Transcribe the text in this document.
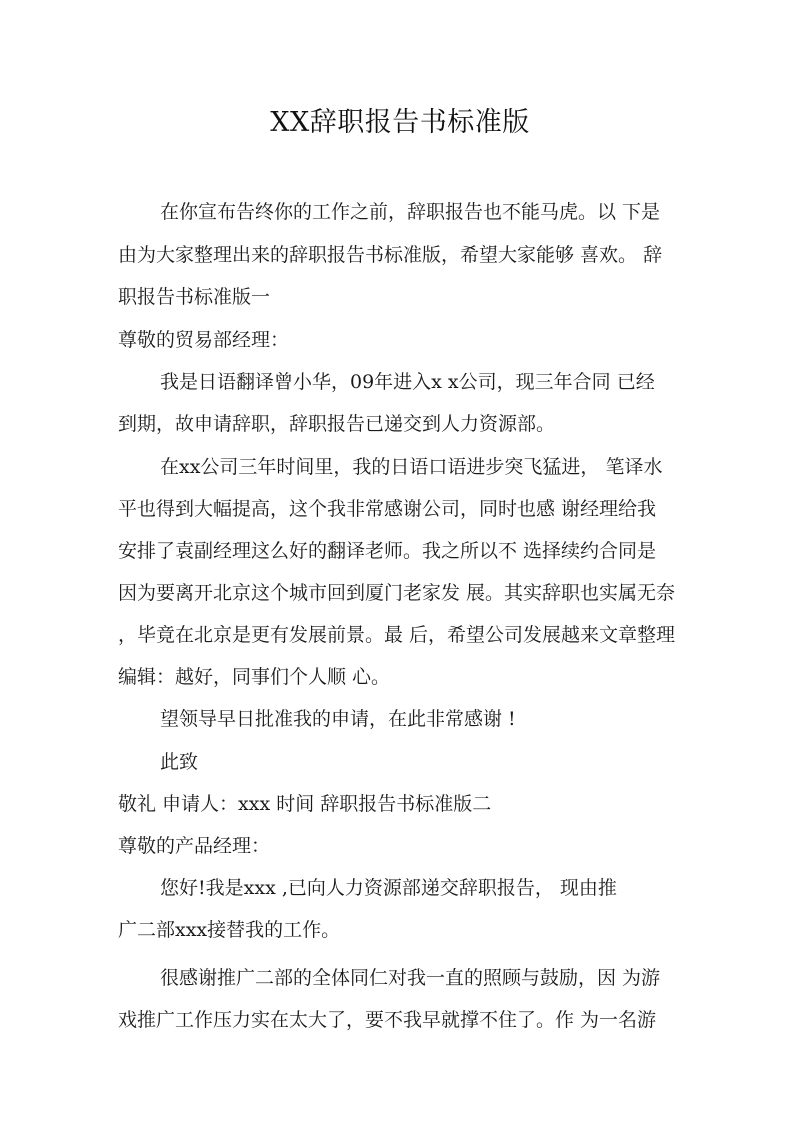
XX辞职报告书标准版
在你宣布告终你的工作之前，辞职报告也不能马虎。以 下是
由为大家整理出来的辞职报告书标准版，希望大家能够 喜欢。 辞
职报告书标准版一
尊敬的贸易部经理：
我是日语翻译曾小华，09年进入x x公司，现三年合同 已经
到期，故申请辞职，辞职报告已递交到人力资源部。
在xx公司三年时间里，我的日语口语进步突飞猛进， 笔译水
平也得到大幅提高，这个我非常感谢公司，同时也感 谢经理给我
安排了袁副经理这么好的翻译老师。我之所以不 选择续约合同是
因为要离开北京这个城市回到厦门老家发 展。其实辞职也实属无奈
，毕竟在北京是更有发展前景。最 后，希望公司发展越来文章整理
编辑：越好，同事们个人顺 心。
望领导早日批准我的申请，在此非常感谢 !
此致
敬礼 申请人：xxx 时间 辞职报告书标准版二
尊敬的产品经理：
您好!我是xxx ,已向人力资源部递交辞职报告， 现由推
广二部xxx接替我的工作。
很感谢推广二部的全体同仁对我一直的照顾与鼓励，因 为游
戏推广工作压力实在太大了，要不我早就撑不住了。作 为一名游
